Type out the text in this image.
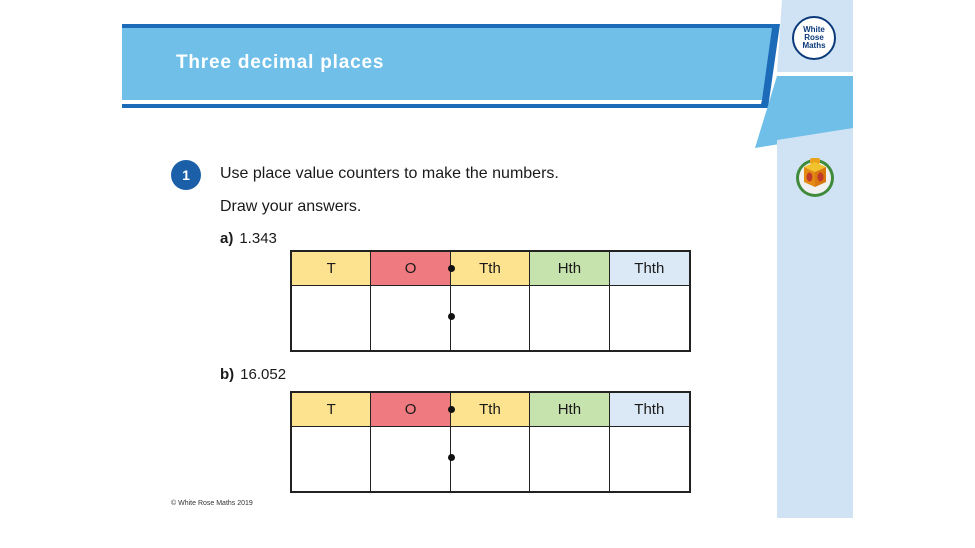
Three decimal places
White
Rose
Maths
1	Use place value counters to make the numbers.
Draw your answers.
a) 1.343
T	O	Tth	Hth	Thth
b) 16.052
T	O	Tth	Hth	Thth
© White Rose Maths 2019
